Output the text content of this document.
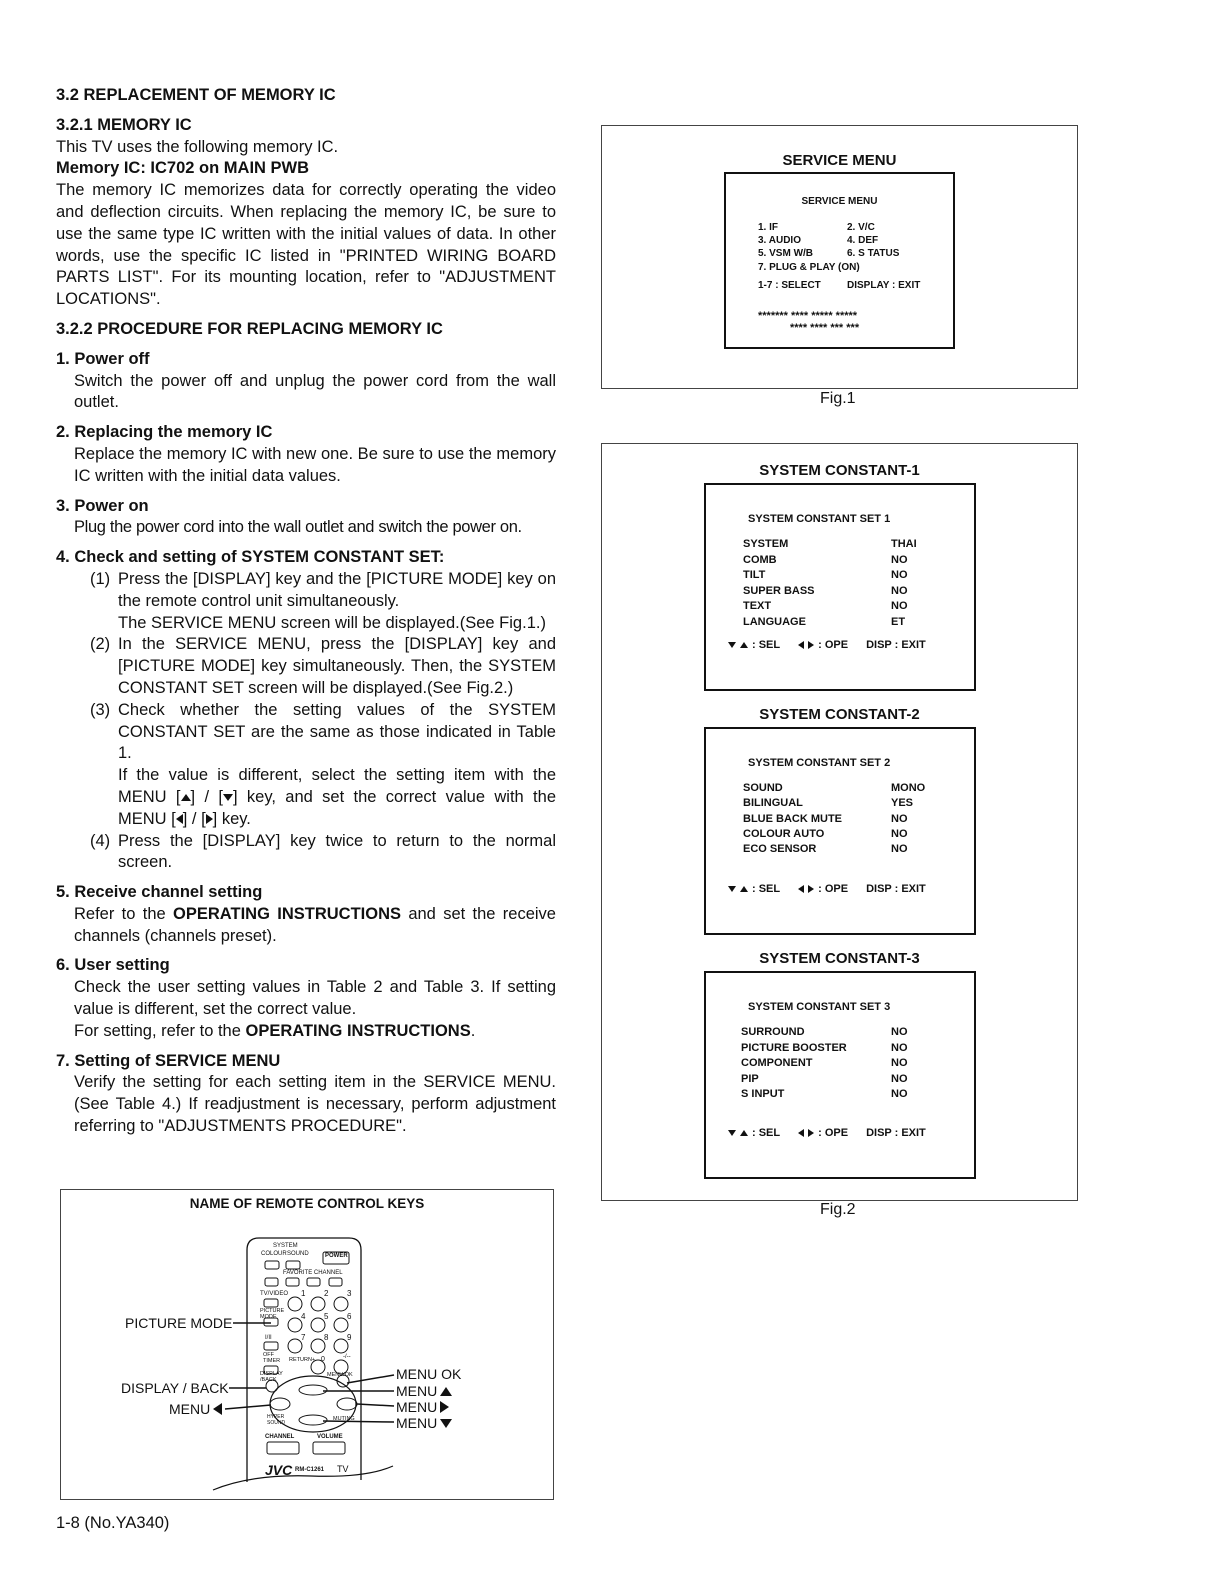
3.2 REPLACEMENT OF MEMORY IC
3.2.1 MEMORY IC
This TV uses the following memory IC.
Memory IC: IC702 on MAIN PWB
The memory IC memorizes data for correctly operating the video and deflection circuits. When replacing the memory IC, be sure to use the same type IC written with the initial values of data. In other words, use the specific IC listed in "PRINTED WIRING BOARD PARTS LIST". For its mounting location, refer to "ADJUSTMENT LOCATIONS".
3.2.2 PROCEDURE FOR REPLACING MEMORY IC
1. Power off
Switch the power off and unplug the power cord from the wall outlet.
2. Replacing the memory IC
Replace the memory IC with new one. Be sure to use the memory IC written with the initial data values.
3. Power on
Plug the power cord into the wall outlet and switch the power on.
4. Check and setting of SYSTEM CONSTANT SET:
(1) Press the [DISPLAY] key and the [PICTURE MODE] key on the remote control unit simultaneously.
The SERVICE MENU screen will be displayed.(See Fig.1.)
(2) In the SERVICE MENU, press the [DISPLAY] key and [PICTURE MODE] key simultaneously. Then, the SYSTEM CONSTANT SET screen will be displayed.(See Fig.2.)
(3) Check whether the setting values of the SYSTEM CONSTANT SET are the same as those indicated in Table 1.
If the value is different, select the setting item with the MENU [ ] / [ ] key, and set the correct value with the MENU [ ] / [ ] key.
(4) Press the [DISPLAY] key twice to return to the normal screen.
5. Receive channel setting
Refer to the OPERATING INSTRUCTIONS and set the receive channels (channels preset).
6. User setting
Check the user setting values in Table 2 and Table 3. If setting value is different, set the correct value.
For setting, refer to the OPERATING INSTRUCTIONS.
7. Setting of SERVICE MENU
Verify the setting for each setting item in the SERVICE MENU.(See Table 4.) If readjustment is necessary, perform adjustment referring to "ADJUSTMENTS PROCEDURE".
NAME OF REMOTE CONTROL KEYS
SYSTEM
COLOUR SOUND	POWER
FAVORITE CHANNEL
TV/VIDEO
PICTURE MODE
I/II
OFF TIMER
DISPLAY /BACK
RETURN+
MENU/OK
HYPER SOUND
MUTING
CHANNEL	VOLUME
JVC RM-C1261 TV
1 2 3
4 5 6
7 8 9
0	-/--
PICTURE MODE
DISPLAY / BACK
MENU
MENU OK
MENU
MENU
MENU
1-8 (No.YA340)
SERVICE MENU
SERVICE MENU
1. IF	2. V/C
3. AUDIO	4. DEF
5. VSM W/B	6. S TATUS
7. PLUG & PLAY (ON)
1-7 : SELECT	DISPLAY : EXIT
******* **** ***** *****
**** **** *** ***
Fig.1
SYSTEM CONSTANT-1
SYSTEM CONSTANT SET 1
SYSTEM	THAI
COMB	NO
TILT	NO
SUPER BASS	NO
TEXT	NO
LANGUAGE	ET
: SEL	: OPE DISP : EXIT
SYSTEM CONSTANT-2
SYSTEM CONSTANT SET 2
SOUND	MONO
BILINGUAL	YES
BLUE BACK MUTE	NO
COLOUR AUTO	NO
ECO SENSOR	NO
: SEL	: OPE DISP : EXIT
SYSTEM CONSTANT-3
SYSTEM CONSTANT SET 3
SURROUND	NO
PICTURE BOOSTER	NO
COMPONENT	NO
PIP	NO
S INPUT	NO
: SEL	: OPE DISP : EXIT
Fig.2
